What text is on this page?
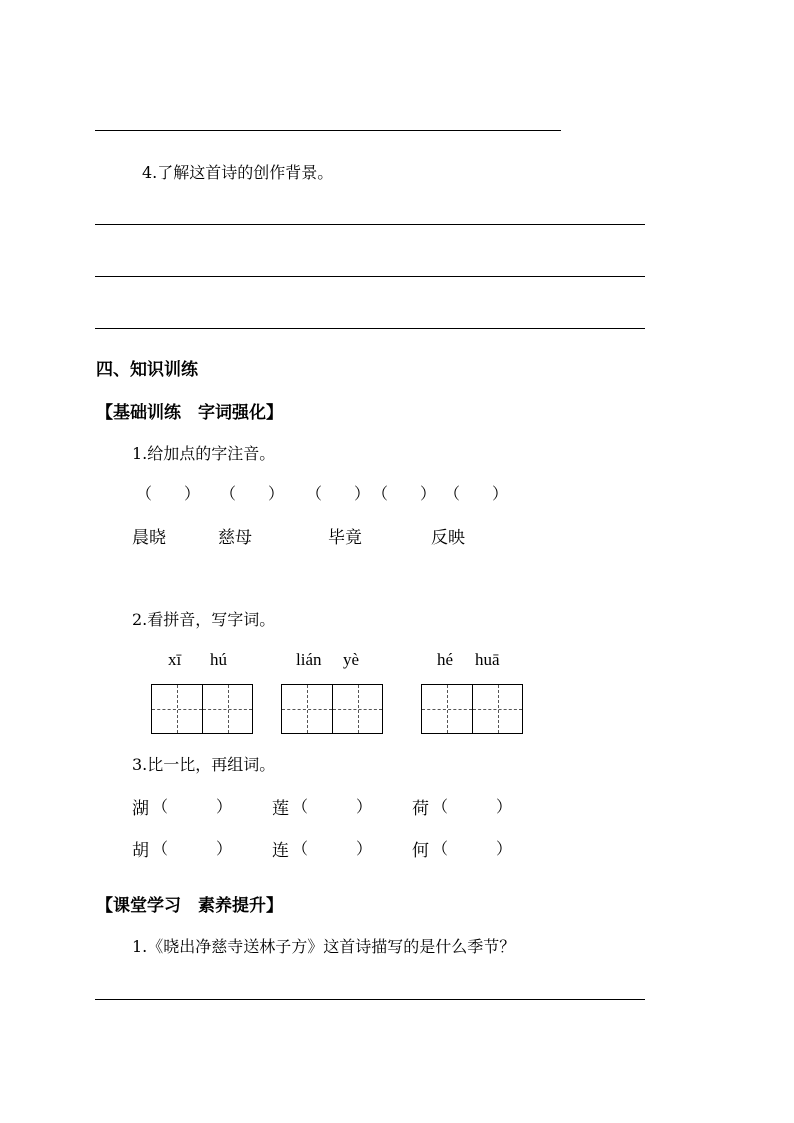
4.了解这首诗的创作背景。
四、知识训练
【基础训练　字词强化】
1.给加点的字注音。
（　　） （　　） （　　） （　　） （　　）
晨晓	慈母	毕竟	反映
2.看拼音，写字词。
xī hú	lián yè	hé huā
3.比一比，再组词。
湖 （　　　） 莲 （　　　） 荷 （　　　）
胡 （　　　） 连 （　　　） 何 （　　　）
【课堂学习　素养提升】
1.《晓出净慈寺送林子方》这首诗描写的是什么季节？
